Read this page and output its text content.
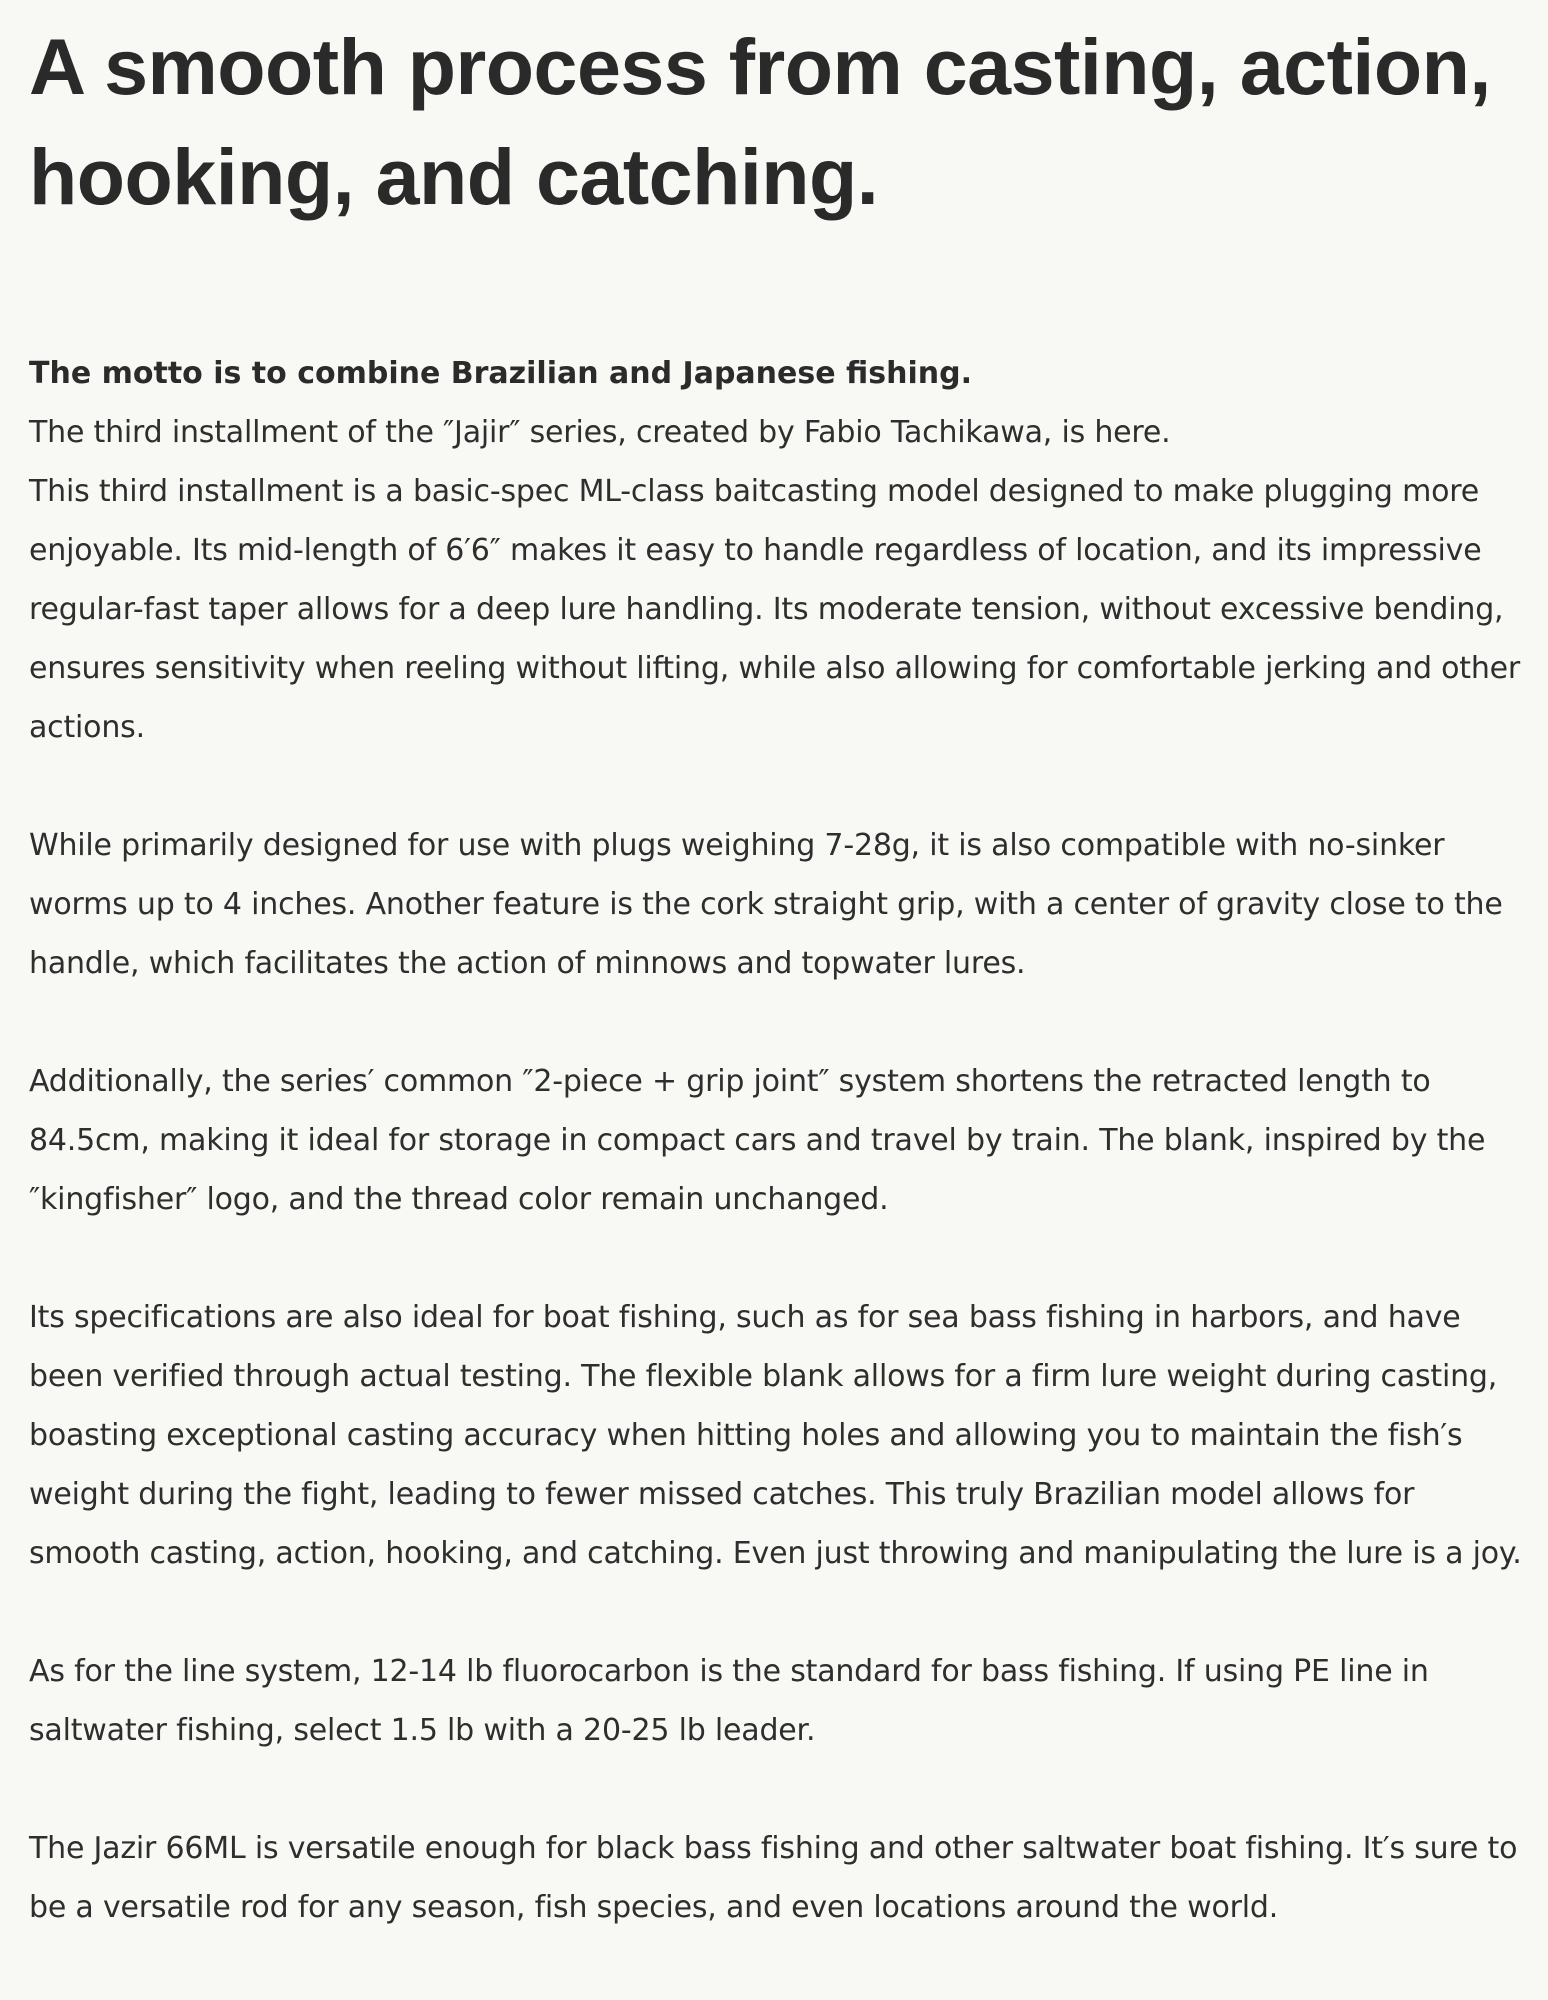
A smooth process from casting, action, hooking, and catching.

The motto is to combine Brazilian and Japanese fishing.

The third installment of the ″Jajir″ series, created by Fabio Tachikawa, is here.

This third installment is a basic-spec ML-class baitcasting model designed to make plugging more enjoyable. Its mid-length of 6′6″ makes it easy to handle regardless of location, and its impressive regular-fast taper allows for a deep lure handling. Its moderate tension, without excessive bending, ensures sensitivity when reeling without lifting, while also allowing for comfortable jerking and other actions.

While primarily designed for use with plugs weighing 7-28g, it is also compatible with no-sinker worms up to 4 inches. Another feature is the cork straight grip, with a center of gravity close to the handle, which facilitates the action of minnows and topwater lures.

Additionally, the series′ common ″2-piece + grip joint″ system shortens the retracted length to 84.5cm, making it ideal for storage in compact cars and travel by train. The blank, inspired by the ″kingfisher″ logo, and the thread color remain unchanged.

Its specifications are also ideal for boat fishing, such as for sea bass fishing in harbors, and have been verified through actual testing. The flexible blank allows for a firm lure weight during casting, boasting exceptional casting accuracy when hitting holes and allowing you to maintain the fish′s weight during the fight, leading to fewer missed catches. This truly Brazilian model allows for smooth casting, action, hooking, and catching. Even just throwing and manipulating the lure is a joy.

As for the line system, 12-14 lb fluorocarbon is the standard for bass fishing. If using PE line in saltwater fishing, select 1.5 lb with a 20-25 lb leader.

The Jazir 66ML is versatile enough for black bass fishing and other saltwater boat fishing. It′s sure to be a versatile rod for any season, fish species, and even locations around the world.
